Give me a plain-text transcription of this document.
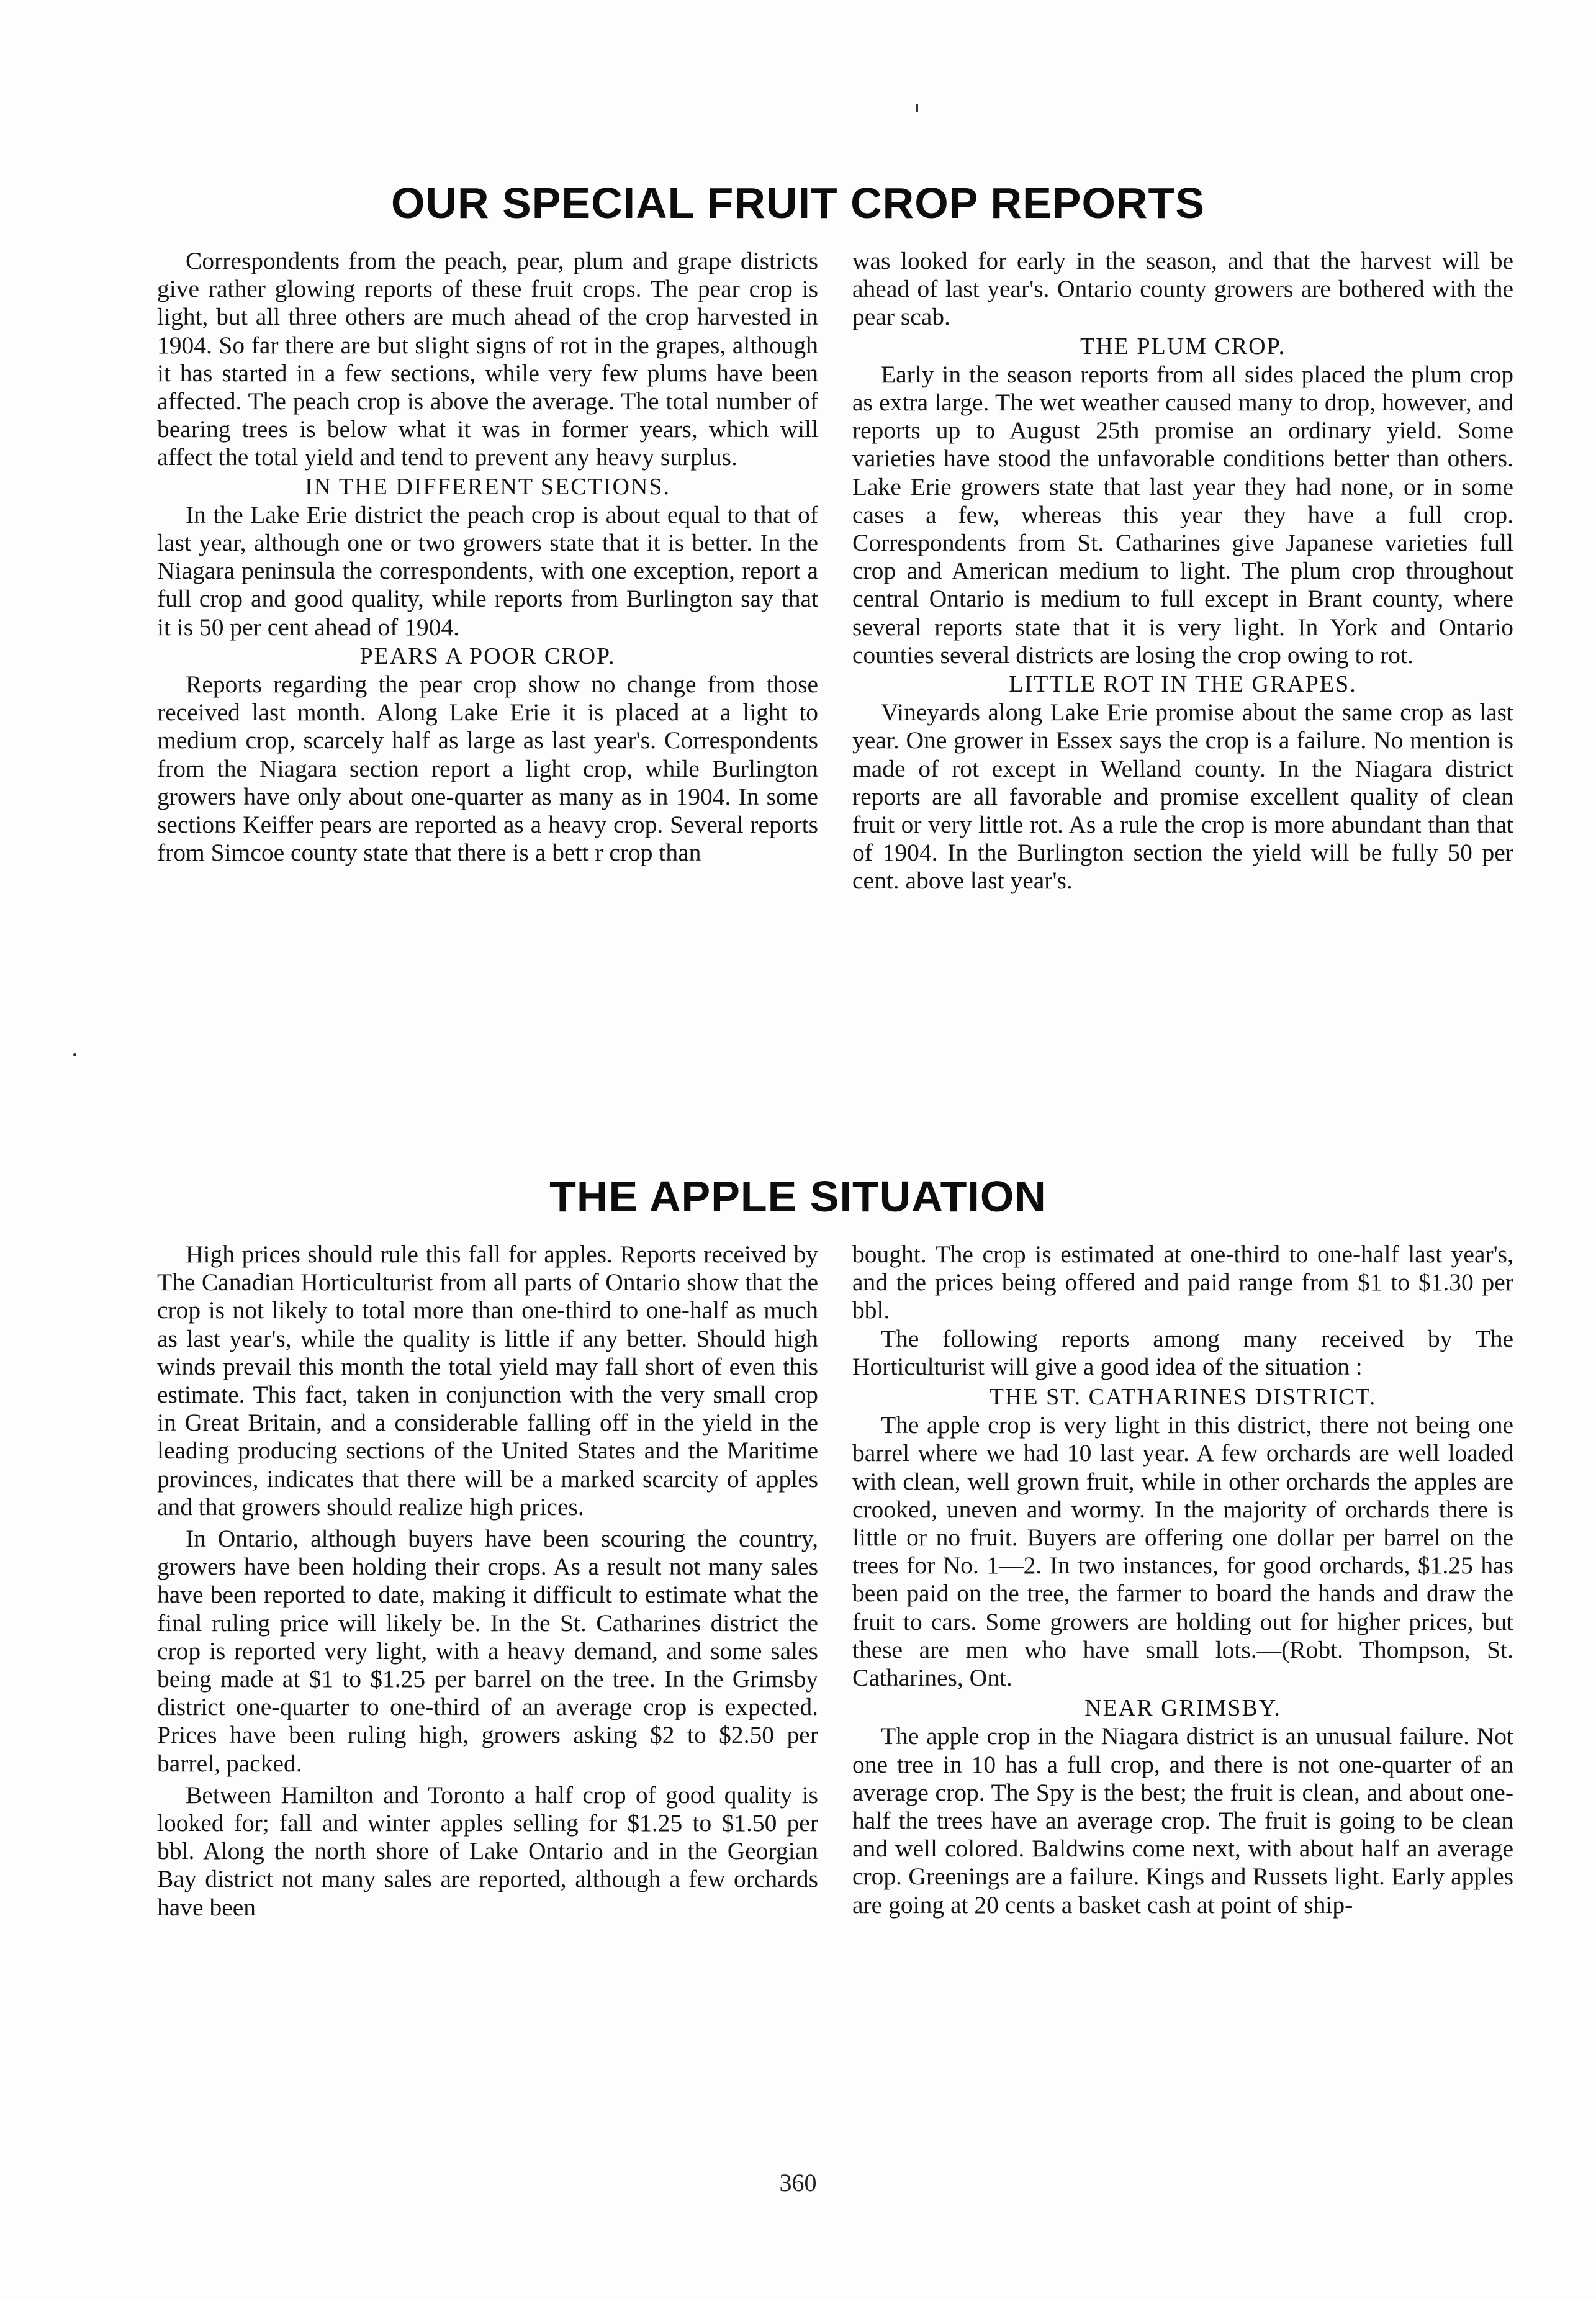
OUR SPECIAL FRUIT CROP REPORTS

Correspondents from the peach, pear, plum and grape districts give rather glowing reports of these fruit crops. The pear crop is light, but all three others are much ahead of the crop harvested in 1904. So far there are but slight signs of rot in the grapes, although it has started in a few sections, while very few plums have been affected. The peach crop is above the average. The total number of bearing trees is below what it was in former years, which will affect the total yield and tend to prevent any heavy surplus.

IN THE DIFFERENT SECTIONS.

In the Lake Erie district the peach crop is about equal to that of last year, although one or two growers state that it is better. In the Niagara peninsula the correspondents, with one exception, report a full crop and good quality, while reports from Burlington say that it is 50 per cent ahead of 1904.

PEARS A POOR CROP.

Reports regarding the pear crop show no change from those received last month. Along Lake Erie it is placed at a light to medium crop, scarcely half as large as last year's. Correspondents from the Niagara section report a light crop, while Burlington growers have only about one-quarter as many as in 1904. In some sections Keiffer pears are reported as a heavy crop. Several reports from Simcoe county state that there is a bett r crop than

was looked for early in the season, and that the harvest will be ahead of last year's. Ontario county growers are bothered with the pear scab.

THE PLUM CROP.

Early in the season reports from all sides placed the plum crop as extra large. The wet weather caused many to drop, however, and reports up to August 25th promise an ordinary yield. Some varieties have stood the unfavorable conditions better than others. Lake Erie growers state that last year they had none, or in some cases a few, whereas this year they have a full crop. Correspondents from St. Catharines give Japanese varieties full crop and American medium to light. The plum crop throughout central Ontario is medium to full except in Brant county, where several reports state that it is very light. In York and Ontario counties several districts are losing the crop owing to rot.

LITTLE ROT IN THE GRAPES.

Vineyards along Lake Erie promise about the same crop as last year. One grower in Essex says the crop is a failure. No mention is made of rot except in Welland county. In the Niagara district reports are all favorable and promise excellent quality of clean fruit or very little rot. As a rule the crop is more abundant than that of 1904. In the Burlington section the yield will be fully 50 per cent. above last year's.

THE APPLE SITUATION

High prices should rule this fall for apples. Reports received by The Canadian Horticulturist from all parts of Ontario show that the crop is not likely to total more than one-third to one-half as much as last year's, while the quality is little if any better. Should high winds prevail this month the total yield may fall short of even this estimate. This fact, taken in conjunction with the very small crop in Great Britain, and a considerable falling off in the yield in the leading producing sections of the United States and the Maritime provinces, indicates that there will be a marked scarcity of apples and that growers should realize high prices.

In Ontario, although buyers have been scouring the country, growers have been holding their crops. As a result not many sales have been reported to date, making it difficult to estimate what the final ruling price will likely be. In the St. Catharines district the crop is reported very light, with a heavy demand, and some sales being made at $1 to $1.25 per barrel on the tree. In the Grimsby district one-quarter to one-third of an average crop is expected. Prices have been ruling high, growers asking $2 to $2.50 per barrel, packed.

Between Hamilton and Toronto a half crop of good quality is looked for; fall and winter apples selling for $1.25 to $1.50 per bbl. Along the north shore of Lake Ontario and in the Georgian Bay district not many sales are reported, although a few orchards have been

bought. The crop is estimated at one-third to one-half last year's, and the prices being offered and paid range from $1 to $1.30 per bbl.

The following reports among many received by The Horticulturist will give a good idea of the situation :

THE ST. CATHARINES DISTRICT.

The apple crop is very light in this district, there not being one barrel where we had 10 last year. A few orchards are well loaded with clean, well grown fruit, while in other orchards the apples are crooked, uneven and wormy. In the majority of orchards there is little or no fruit. Buyers are offering one dollar per barrel on the trees for No. 1—2. In two instances, for good orchards, $1.25 has been paid on the tree, the farmer to board the hands and draw the fruit to cars. Some growers are holding out for higher prices, but these are men who have small lots.—(Robt. Thompson, St. Catharines, Ont.

NEAR GRIMSBY.

The apple crop in the Niagara district is an unusual failure. Not one tree in 10 has a full crop, and there is not one-quarter of an average crop. The Spy is the best; the fruit is clean, and about one-half the trees have an average crop. The fruit is going to be clean and well colored. Baldwins come next, with about half an average crop. Greenings are a failure. Kings and Russets light. Early apples are going at 20 cents a basket cash at point of ship-

360
